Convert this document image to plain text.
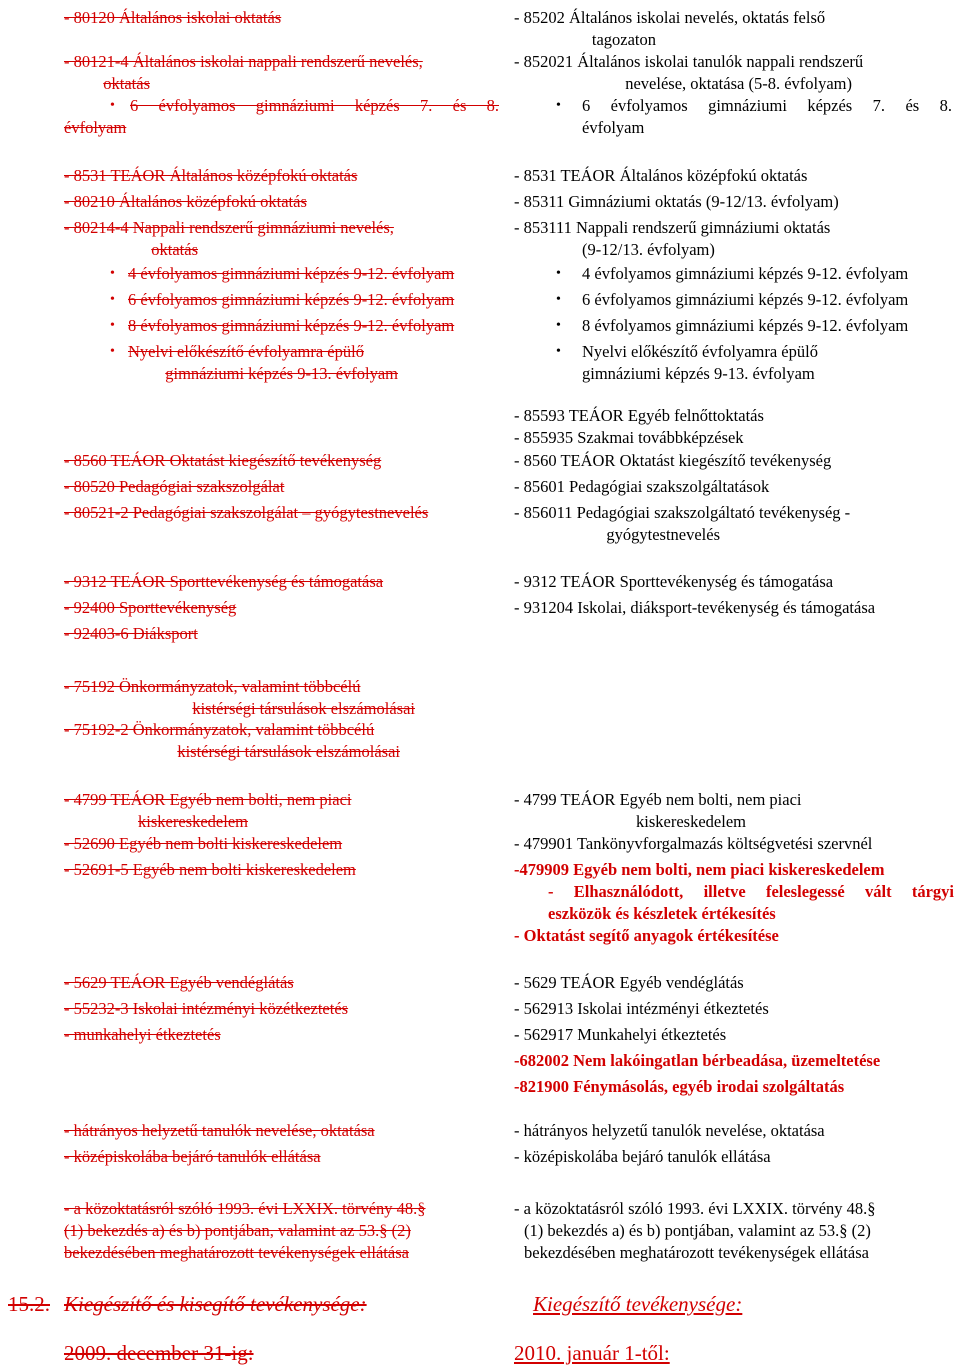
- 80120 Általános iskolai oktatás
- 80121-4 Általános iskolai nappali rendszerű nevelés,
oktatás
• 6 évfolyamos gimnáziumi képzés 7. és 8.
évfolyam
- 8531 TEÁOR Általános középfokú oktatás
- 80210 Általános középfokú oktatás
- 80214-4 Nappali rendszerű gimnáziumi nevelés,
oktatás
• 4 évfolyamos gimnáziumi képzés 9-12. évfolyam
• 6 évfolyamos gimnáziumi képzés 9-12. évfolyam
• 8 évfolyamos gimnáziumi képzés 9-12. évfolyam
• Nyelvi előkészítő évfolyamra épülő
gimnáziumi képzés 9-13. évfolyam
- 8560 TEÁOR Oktatást kiegészítő tevékenység
- 80520 Pedagógiai szakszolgálat
- 80521-2 Pedagógiai szakszolgálat – gyógytestnevelés
- 9312 TEÁOR Sporttevékenység és támogatása
- 92400 Sporttevékenység
- 92403-6 Diáksport
- 75192 Önkormányzatok, valamint többcélú
kistérségi társulások elszámolásai
- 75192-2 Önkormányzatok, valamint többcélú
kistérségi társulások elszámolásai
- 4799 TEÁOR Egyéb nem bolti, nem piaci
kiskereskedelem
- 52690 Egyéb nem bolti kiskereskedelem
- 52691-5 Egyéb nem bolti kiskereskedelem
- 5629 TEÁOR Egyéb vendéglátás
- 55232-3 Iskolai intézményi közétkeztetés
- munkahelyi étkeztetés
- hátrányos helyzetű tanulók nevelése, oktatása
- középiskolába bejáró tanulók ellátása
- a közoktatásról szóló 1993. évi LXXIX. törvény 48.§
(1) bekezdés a) és b) pontjában, valamint az 53.§ (2)
bekezdésében meghatározott tevékenységek ellátása
- 85202 Általános iskolai nevelés, oktatás felső
tagozaton
- 852021 Általános iskolai tanulók nappali rendszerű
nevelése, oktatása (5-8. évfolyam)
• 6 évfolyamos gimnáziumi képzés 7. és 8.
évfolyam
- 8531 TEÁOR Általános középfokú oktatás
- 85311 Gimnáziumi oktatás (9-12/13. évfolyam)
- 853111 Nappali rendszerű gimnáziumi oktatás
(9-12/13. évfolyam)
• 4 évfolyamos gimnáziumi képzés 9-12. évfolyam
• 6 évfolyamos gimnáziumi képzés 9-12. évfolyam
• 8 évfolyamos gimnáziumi képzés 9-12. évfolyam
• Nyelvi előkészítő évfolyamra épülő
gimnáziumi képzés 9-13. évfolyam
- 85593 TEÁOR Egyéb felnőttoktatás
- 855935 Szakmai továbbképzések
- 8560 TEÁOR Oktatást kiegészítő tevékenység
- 85601 Pedagógiai szakszolgáltatások
- 856011 Pedagógiai szakszolgáltató tevékenység -
gyógytestnevelés
- 9312 TEÁOR Sporttevékenység és támogatása
- 931204 Iskolai, diáksport-tevékenység és támogatása
- 4799 TEÁOR Egyéb nem bolti, nem piaci
kiskereskedelem
- 479901 Tankönyvforgalmazás költségvetési szervnél
-479909 Egyéb nem bolti, nem piaci kiskereskedelem
- Elhasználódott, illetve feleslegessé vált tárgyi
eszközök és készletek értékesítés
- Oktatást segítő anyagok értékesítése
- 5629 TEÁOR Egyéb vendéglátás
- 562913 Iskolai intézményi étkeztetés
- 562917 Munkahelyi étkeztetés
-682002 Nem lakóingatlan bérbeadása, üzemeltetése
-821900 Fénymásolás, egyéb irodai szolgáltatás
- hátrányos helyzetű tanulók nevelése, oktatása
- középiskolába bejáró tanulók ellátása
- a közoktatásról szóló 1993. évi LXXIX. törvény 48.§
(1) bekezdés a) és b) pontjában, valamint az 53.§ (2)
bekezdésében meghatározott tevékenységek ellátása
15.2. Kiegészítő és kisegítő tevékenysége:	Kiegészítő tevékenysége:
2009. december 31-ig:	2010. január 1-től:
